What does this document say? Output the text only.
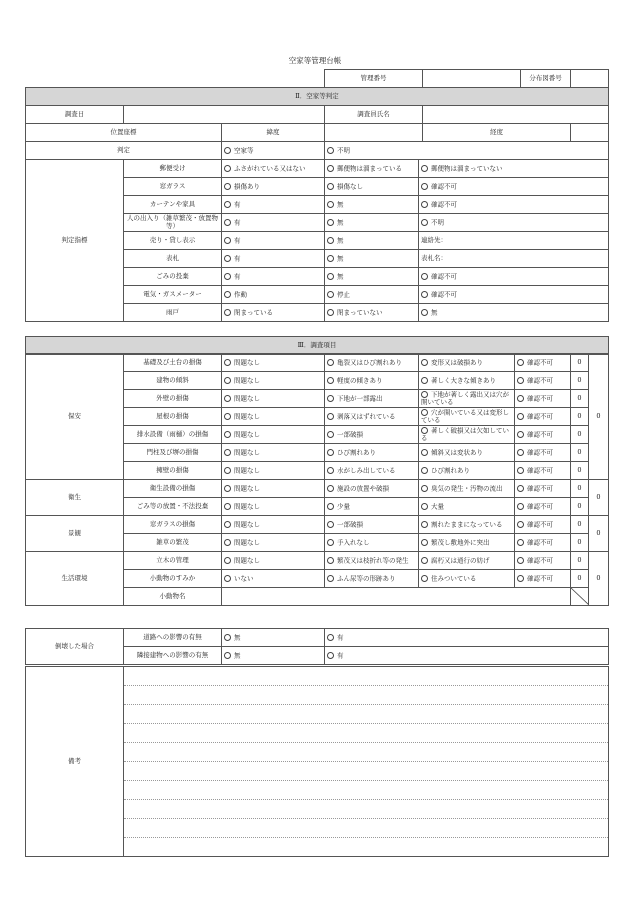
空家等管理台帳
			管理番号		分布図番号	
Ⅱ．空家等判定						
調査日			調査員氏名			
位置座標		緯度		経度		
判定		空家等	不明	
判定指標	郵便受け	ふさがれている又はない	郵便物は溜まっている	郵便物は溜まっていない
	窓ガラス	損傷あり	損傷なし	確認不可
	カーテンや家具	有	無	確認不可
	人の出入り（雑草繁茂・放置物等）	有	無	不明
	売り・貸し表示	有	無	連絡先：
	表札	有	無	表札名：
	ごみの投棄	有	無	確認不可
	電気・ガスメーター	作動	停止	確認不可
	雨戸	閉まっている	閉まっていない	無
Ⅲ．調査項目
保安	基礎及び土台の損傷	問題なし	亀裂又はひび割れあり	変形又は破損あり	確認不可	0	0
	建物の傾斜	問題なし	軽度の傾きあり	著しく大きな傾きあり	確認不可	0	
	外壁の損傷	問題なし	下地が一部露出	下地が著しく露出又は穴が開いている	確認不可	0	
	屋根の損傷	問題なし	剥落又はずれている	穴が開いている又は変形している	確認不可	0	
	排水設備（雨樋）の損傷	問題なし	一部破損	著しく破損又は欠如している	確認不可	0	
	門柱及び塀の損傷	問題なし	ひび割れあり	傾斜又は変状あり	確認不可	0	
	擁壁の損傷	問題なし	水がしみ出している	ひび割れあり	確認不可	0	
衛生	衛生設備の損傷	問題なし	施設の放置や破損	臭気の発生・汚物の流出	確認不可	0	0
	ごみ等の放置・不法投棄	問題なし	少量	大量	確認不可	0	
景観	窓ガラスの損傷	問題なし	一部破損	割れたままになっている	確認不可	0	0
	雑草の繁茂	問題なし	手入れなし	繁茂し敷地外に突出	確認不可	0	
生活環境	立木の管理	問題なし	繁茂又は枝折れ等の発生	腐朽又は通行の妨げ	確認不可	0	0
	小動物のすみか	いない	ふん尿等の形跡あり	住みついている	確認不可	0	
	小動物名		
倒壊した場合	道路への影響の有無	無	有
	隣接建物への影響の有無	無	有
備考	
